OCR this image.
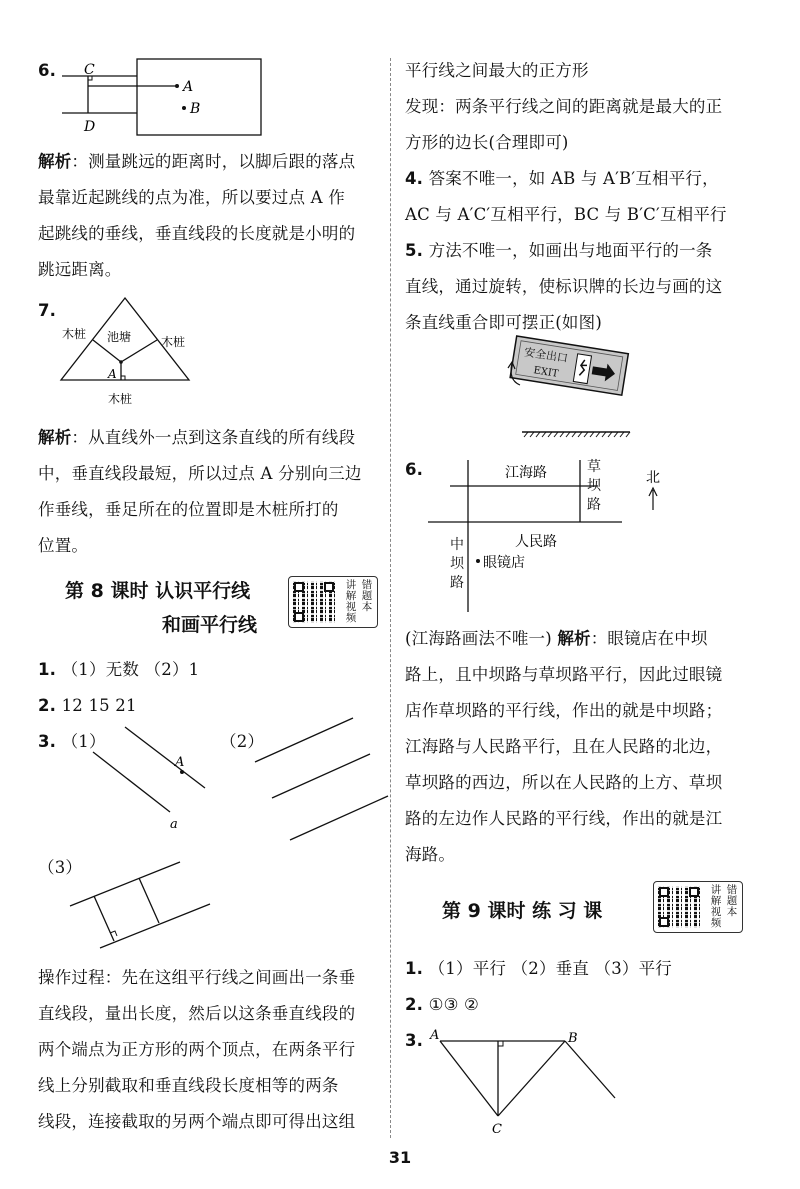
6. C
D
A
B
解析：测量跳远的距离时，以脚后跟的落点
最靠近起跳线的点为准，所以要过点 A 作
起跳线的垂线，垂直线段的长度就是小明的
跳远距离。
7.
木桩 池塘 木桩
A
木桩
解析：从直线外一点到这条直线的所有线段
中，垂直线段最短，所以过点 A 分别向三边
作垂线，垂足所在的位置即是木桩所打的
位置。
第 8 课时 认识平行线
和画平行线
讲解视频
错题本
1. （1）无数 （2）1
2. 12 15 21
3. （1）	（2）
A
a
（3）
操作过程：先在这组平行线之间画出一条垂
直线段，量出长度，然后以这条垂直线段的
两个端点为正方形的两个顶点，在两条平行
线上分别截取和垂直线段长度相等的两条
线段，连接截取的另两个端点即可得出这组
平行线之间最大的正方形
发现：两条平行线之间的距离就是最大的正
方形的边长(合理即可)
4. 答案不唯一，如 AB 与 A′B′互相平行，
AC 与 A′C′互相平行，BC 与 B′C′互相平行
5. 方法不唯一，如画出与地面平行的一条
直线，通过旋转，使标识牌的长边与画的这
条直线重合即可摆正(如图)
安全出口
EXIT
6.	江海路
人民路
眼镜店
北
草坝路
中坝路
(江海路画法不唯一) 解析：眼镜店在中坝
路上，且中坝路与草坝路平行，因此过眼镜
店作草坝路的平行线，作出的就是中坝路；
江海路与人民路平行，且在人民路的北边，
草坝路的西边，所以在人民路的上方、草坝
路的左边作人民路的平行线，作出的就是江
海路。
第 9 课时 练 习 课
讲解视频
错题本
1. （1）平行 （2）垂直 （3）平行
2. ①③ ②
3. A	B
C
31
